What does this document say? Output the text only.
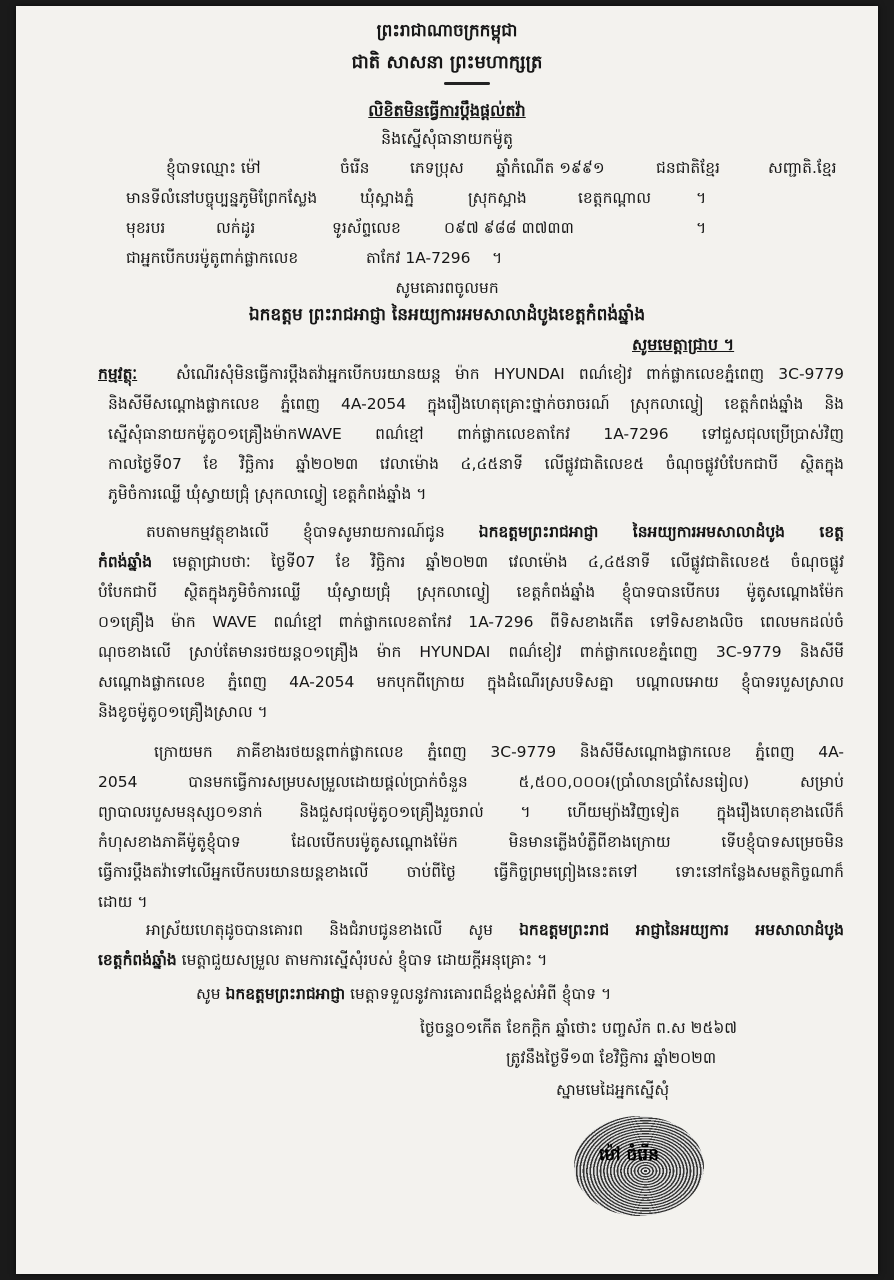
ព្រះរាជាណាចក្រកម្ពុជា
ជាតិ សាសនា ព្រះមហាក្សត្រ
លិខិតមិនធ្វើការប្តឹងផ្តល់តវ៉ា
និងស្នើសុំធានាយកម៉ូតូ
ខ្ញុំបាទឈ្មោះ ម៉ៅ	ចំរើន	ភេទប្រុស ឆ្នាំកំណើត ១៩៩១	ជនជាតិខ្មែរ	សញ្ជាតិ.ខ្មែរ
មានទីលំនៅបច្ចុប្បន្នភូមិព្រែកស្លែង	ឃុំស្អាងភ្នំ	ស្រុកស្អាង	ខេត្តកណ្តាល	។
មុខរបរ	លក់ដូរ	ទូរស័ព្ទលេខ	០៩៧ ៩៨៨ ៣៧៣៣	។
ជាអ្នកបើកបរម៉ូតូពាក់ផ្លាកលេខ	តាកែវ 1A-7296 ។
សូមគោរពចូលមក
ឯកឧត្តម ព្រះរាជអាជ្ញា នៃអយ្យការអមសាលាដំបូងខេត្តកំពង់ឆ្នាំង
សូមមេត្តាជ្រាប ។
កម្មវត្ថុៈ	សំណើរសុំមិនធ្វើការប្តឹងតវ៉ាអ្នកបើកបរយានយន្ត ម៉ាក HYUNDAI ពណ៌ខៀវ ពាក់ផ្លាកលេខភ្នំពេញ 3C-9779
និងសីមីសណ្តោងផ្លាកលេខ ភ្នំពេញ 4A-2054 ក្នុងរឿងហេតុគ្រោះថ្នាក់ចរាចរណ៍ ស្រុកលាល្វៀ ខេត្តកំពង់ឆ្នាំង និង
ស្នើសុំធានាយកម៉ូតូ០១គ្រឿងម៉ាកWAVE ពណ៌ខ្មៅ ពាក់ផ្លាកលេខតាកែវ 1A-7296 ទៅជួសជុលប្រើប្រាស់វិញ
កាលថ្ងៃទី07 ខែ វិច្ឆិការ ឆ្នាំ២០២៣ វេលាម៉ោង ៤,៤៥នាទី លើផ្លូវជាតិលេខ៥ ចំណុចផ្លូវបំបែកជាបី ស្ថិតក្នុង
ភូមិចំការឈ្លើ ឃុំស្វាយជ្រុំ ស្រុកលាល្វៀ ខេត្តកំពង់ឆ្នាំង ។
តបតាមកម្មវត្ថុខាងលើ ខ្ញុំបាទសូមរាយការណ៍ជូន ឯកឧត្តមព្រះរាជអាជ្ញា នៃអយ្យការអមសាលាដំបូង ខេត្ត
កំពង់ឆ្នាំង មេត្តាជ្រាបថាៈ ថ្ងៃទី07 ខែ វិច្ឆិការ ឆ្នាំ២០២៣ វេលាម៉ោង ៤,៤៥នាទី លើផ្លូវជាតិលេខ៥ ចំណុចផ្លូវ
បំបែកជាបី ស្ថិតក្នុងភូមិចំការឈ្លើ ឃុំស្វាយជ្រុំ ស្រុកលាល្វៀ ខេត្តកំពង់ឆ្នាំង ខ្ញុំបាទបានបើកបរ ម៉ូតូសណ្តោងម៉ែក
០១គ្រឿង ម៉ាក WAVE ពណ៌ខ្មៅ ពាក់ផ្លាកលេខតាកែវ 1A-7296 ពីទិសខាងកើត ទៅទិសខាងលិច ពេលមកដល់ចំ
ណុចខាងលើ ស្រាប់តែមានរថយន្ត០១គ្រឿង ម៉ាក HYUNDAI ពណ៌ខៀវ ពាក់ផ្លាកលេខភ្នំពេញ 3C-9779 និងសីមី
សណ្តោងផ្លាកលេខ ភ្នំពេញ 4A-2054 មកបុកពីក្រោយ ក្នុងដំណើរស្របទិសគ្នា បណ្តាលអោយ ខ្ញុំបាទរបួសស្រាល
និងខូចម៉ូតូ០១គ្រឿងស្រាល ។
ក្រោយមក ភាគីខាងរថយន្តពាក់ផ្លាកលេខ ភ្នំពេញ 3C-9779 និងសីមីសណ្តោងផ្លាកលេខ ភ្នំពេញ 4A-
2054 បានមកធ្វើការសម្របសម្រួលដោយផ្តល់ប្រាក់ចំនួន ៥,៥០០,០០០៛(ប្រាំលានប្រាំសែនរៀល) សម្រាប់
ព្យាបាលរបួសមនុស្ស០១នាក់ និងជួសជុលម៉ូតូ០១គ្រឿងរួចរាល់ ។ ហើយម្យ៉ាងវិញទៀត ក្នុងរឿងហេតុខាងលើក៏
កំហុសខាងភាគីម៉ូតូខ្ញុំបាទ ដែលបើកបរម៉ូតូសណ្តោងម៉ែក មិនមានភ្លើងបំភ្លឺពីខាងក្រោយ ទើបខ្ញុំបាទសម្រេចមិន
ធ្វើការប្តឹងតវ៉ាទៅលើអ្នកបើកបរយានយន្តខាងលើ ចាប់ពីថ្ងៃ ធ្វើកិច្ចព្រមព្រៀងនេះតទៅ ទោះនៅកន្លែងសមត្ថកិច្ចណាក៏
ដោយ ។
អាស្រ័យហេតុដូចបានគោរព និងជំរាបជូនខាងលើ សូម ឯកឧត្តមព្រះរាជ អាជ្ញានៃអយ្យការ អមសាលាដំបូង
ខេត្តកំពង់ឆ្នាំង មេត្តាជួយសម្រួល តាមការស្នើសុំរបស់ ខ្ញុំបាទ ដោយក្តីអនុគ្រោះ ។
សូម ឯកឧត្តមព្រះរាជអាជ្ញា មេត្តាទទួលនូវការគោរពដ៏ខ្ពង់ខ្ពស់អំពី ខ្ញុំបាទ ។
ថ្ងៃចន្ទ០១កើត ខែកក្តិក ឆ្នាំថោះ បញ្ចស័ក ព.ស ២៥៦៧
ត្រូវនឹងថ្ងៃទី១៣ ខែវិច្ឆិការ ឆ្នាំ២០២៣
ស្នាមមេដៃអ្នកស្នើសុំ
ម៉ៅ ចំរើន
